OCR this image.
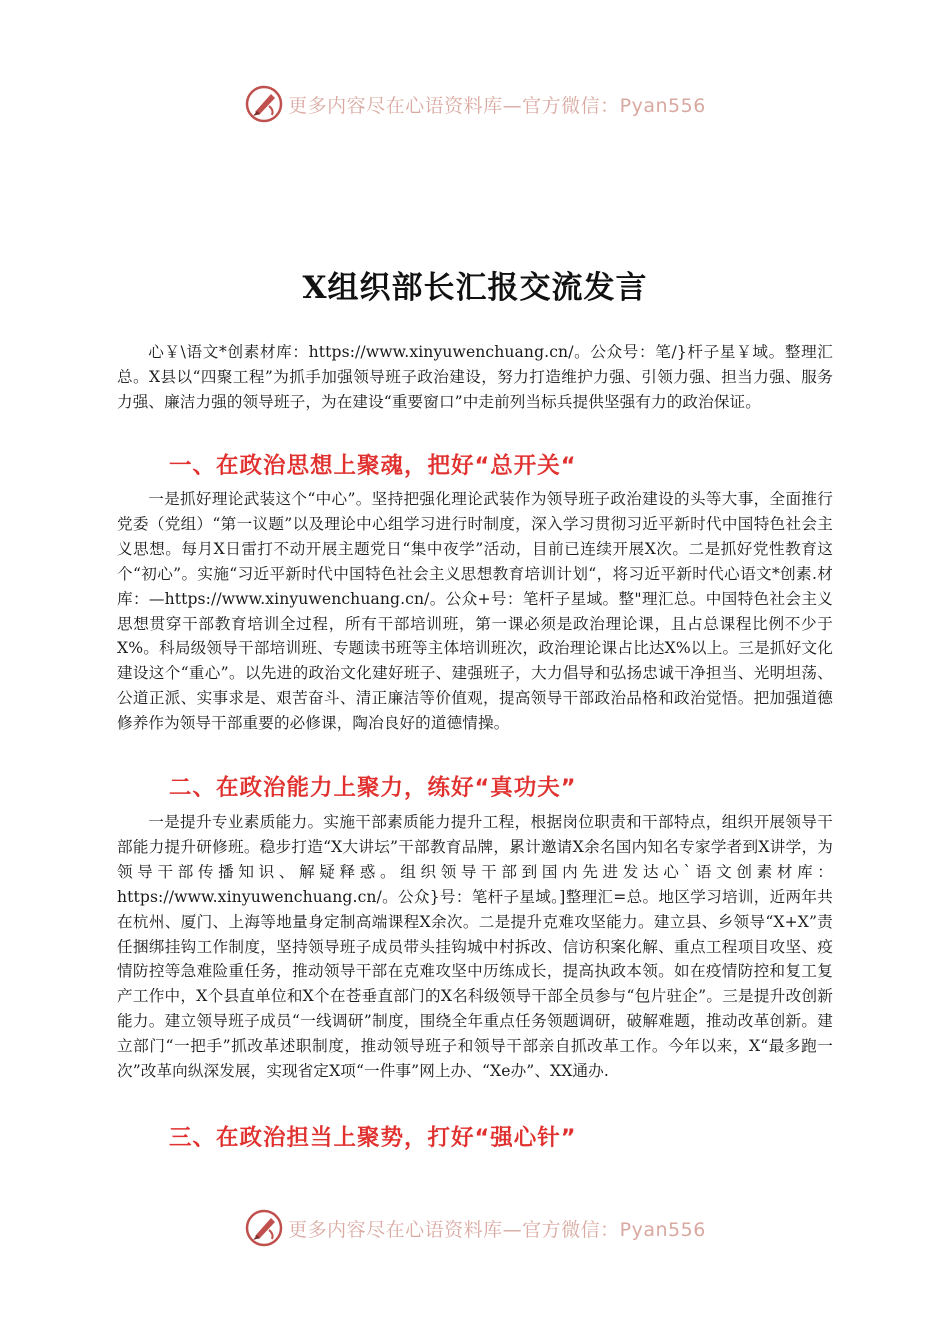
更多内容尽在心语资料库—官方微信：Pyan556
X组织部长汇报交流发言

心￥\语文*创素材库：https://www.xinyuwenchuang.cn/。公众号：笔/}杆子星￥域。整理汇总。X县以“四聚工程”为抓手加强领导班子政治建设，努力打造维护力强、引领力强、担当力强、服务力强、廉洁力强的领导班子，为在建设“重要窗口”中走前列当标兵提供坚强有力的政治保证。

一、在政治思想上聚魂，把好“总开关“

一是抓好理论武装这个“中心”。坚持把强化理论武装作为领导班子政治建设的头等大事，全面推行党委（党组）“第一议题”以及理论中心组学习进行时制度，深入学习贯彻习近平新时代中国特色社会主义思想。每月X日雷打不动开展主题党日“集中夜学”活动，目前已连续开展X次。二是抓好党性教育这个“初心”。实施“习近平新时代中国特色社会主义思想教育培训计划“，将习近平新时代心语文*创素.材库：—https://www.xinyuwenchuang.cn/。公众+号：笔杆子星域。整"理汇总。中国特色社会主义思想贯穿干部教育培训全过程，所有干部培训班，第一课必须是政治理论课，且占总课程比例不少于X%。科局级领导干部培训班、专题读书班等主体培训班次，政治理论课占比达X%以上。三是抓好文化建设这个“重心”。以先进的政治文化建好班子、建强班子，大力倡导和弘扬忠诚干净担当、光明坦荡、公道正派、实事求是、艰苦奋斗、清正廉洁等价值观，提高领导干部政治品格和政治觉悟。把加强道德修养作为领导干部重要的必修课，陶冶良好的道德情操。

二、在政治能力上聚力，练好“真功夫”

一是提升专业素质能力。实施干部素质能力提升工程，根据岗位职责和干部特点，组织开展领导干部能力提升研修班。稳步打造“X大讲坛”干部教育品牌，累计邀请X余名国内知名专家学者到X讲学，为领导干部传播知识、解疑释惑。组织领导干部到国内先进发达心`语文创素材库：https://www.xinyuwenchuang.cn/。公众}号：笔杆子星域。]整理汇=总。地区学习培训，近两年共在杭州、厦门、上海等地量身定制高端课程X余次。二是提升克难攻坚能力。建立县、乡领导“X+X”责任捆绑挂钩工作制度，坚持领导班子成员带头挂钩城中村拆改、信访积案化解、重点工程项目攻坚、疫情防控等急难险重任务，推动领导干部在克难攻坚中历练成长，提高执政本领。如在疫情防控和复工复产工作中，X个县直单位和X个在苍垂直部门的X名科级领导干部全员参与“包片驻企”。三是提升改创新能力。建立领导班子成员“一线调研”制度，围绕全年重点任务领题调研，破解难题，推动改革创新。建立部门“一把手”抓改革述职制度，推动领导班子和领导干部亲自抓改革工作。今年以来，X“最多跑一次”改革向纵深发展，实现省定X项“一件事”网上办、“Xe办”、XX通办.

三、在政治担当上聚势，打好“强心针”
更多内容尽在心语资料库—官方微信：Pyan556
